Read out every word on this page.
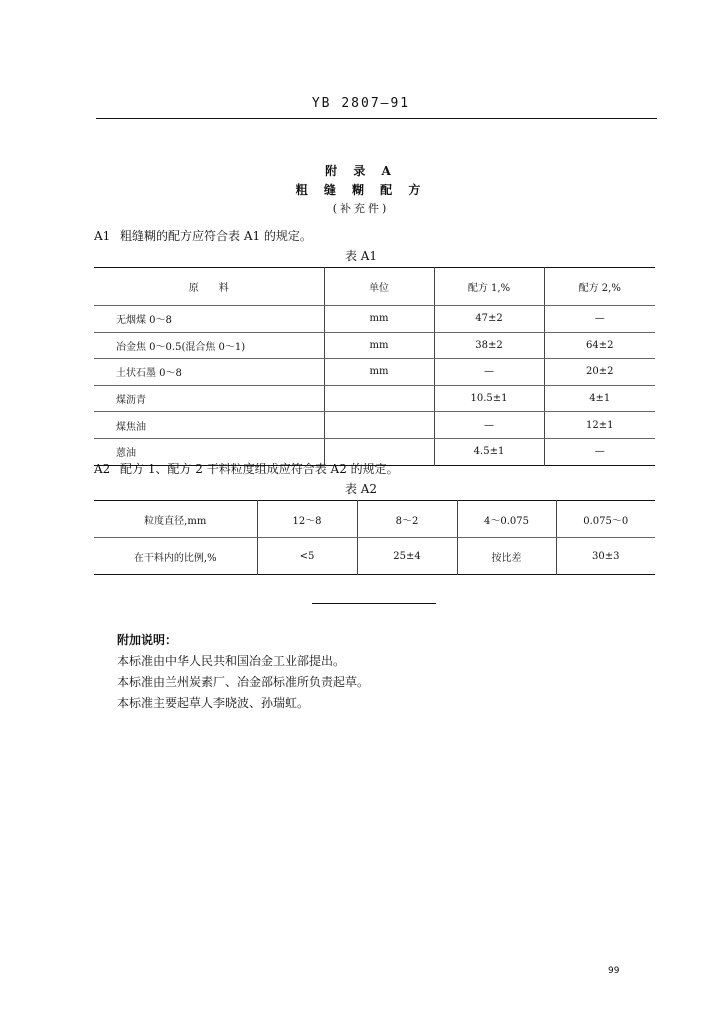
YB 2807—91
附 录 A
粗 缝 糊 配 方
(补充件)
A1 粗缝糊的配方应符合表 A1 的规定。
表 A1
原　　料	单位	配方 1,%	配方 2,%
无烟煤 0～8	mm	47±2	—
冶金焦 0～0.5(混合焦 0～1)	mm	38±2	64±2
土状石墨 0～8	mm	—	20±2
煤沥青		10.5±1	4±1
煤焦油		—	12±1
蒽油		4.5±1	—
A2 配方 1、配方 2 干料粒度组成应符合表 A2 的规定。
表 A2
粒度直径,mm	12～8	8～2	4～0.075	0.075～0
在干料内的比例,%	<5	25±4	按比差	30±3
附加说明：
本标准由中华人民共和国冶金工业部提出。
本标准由兰州炭素厂、冶金部标准所负责起草。
本标准主要起草人李晓波、孙瑞虹。
99
